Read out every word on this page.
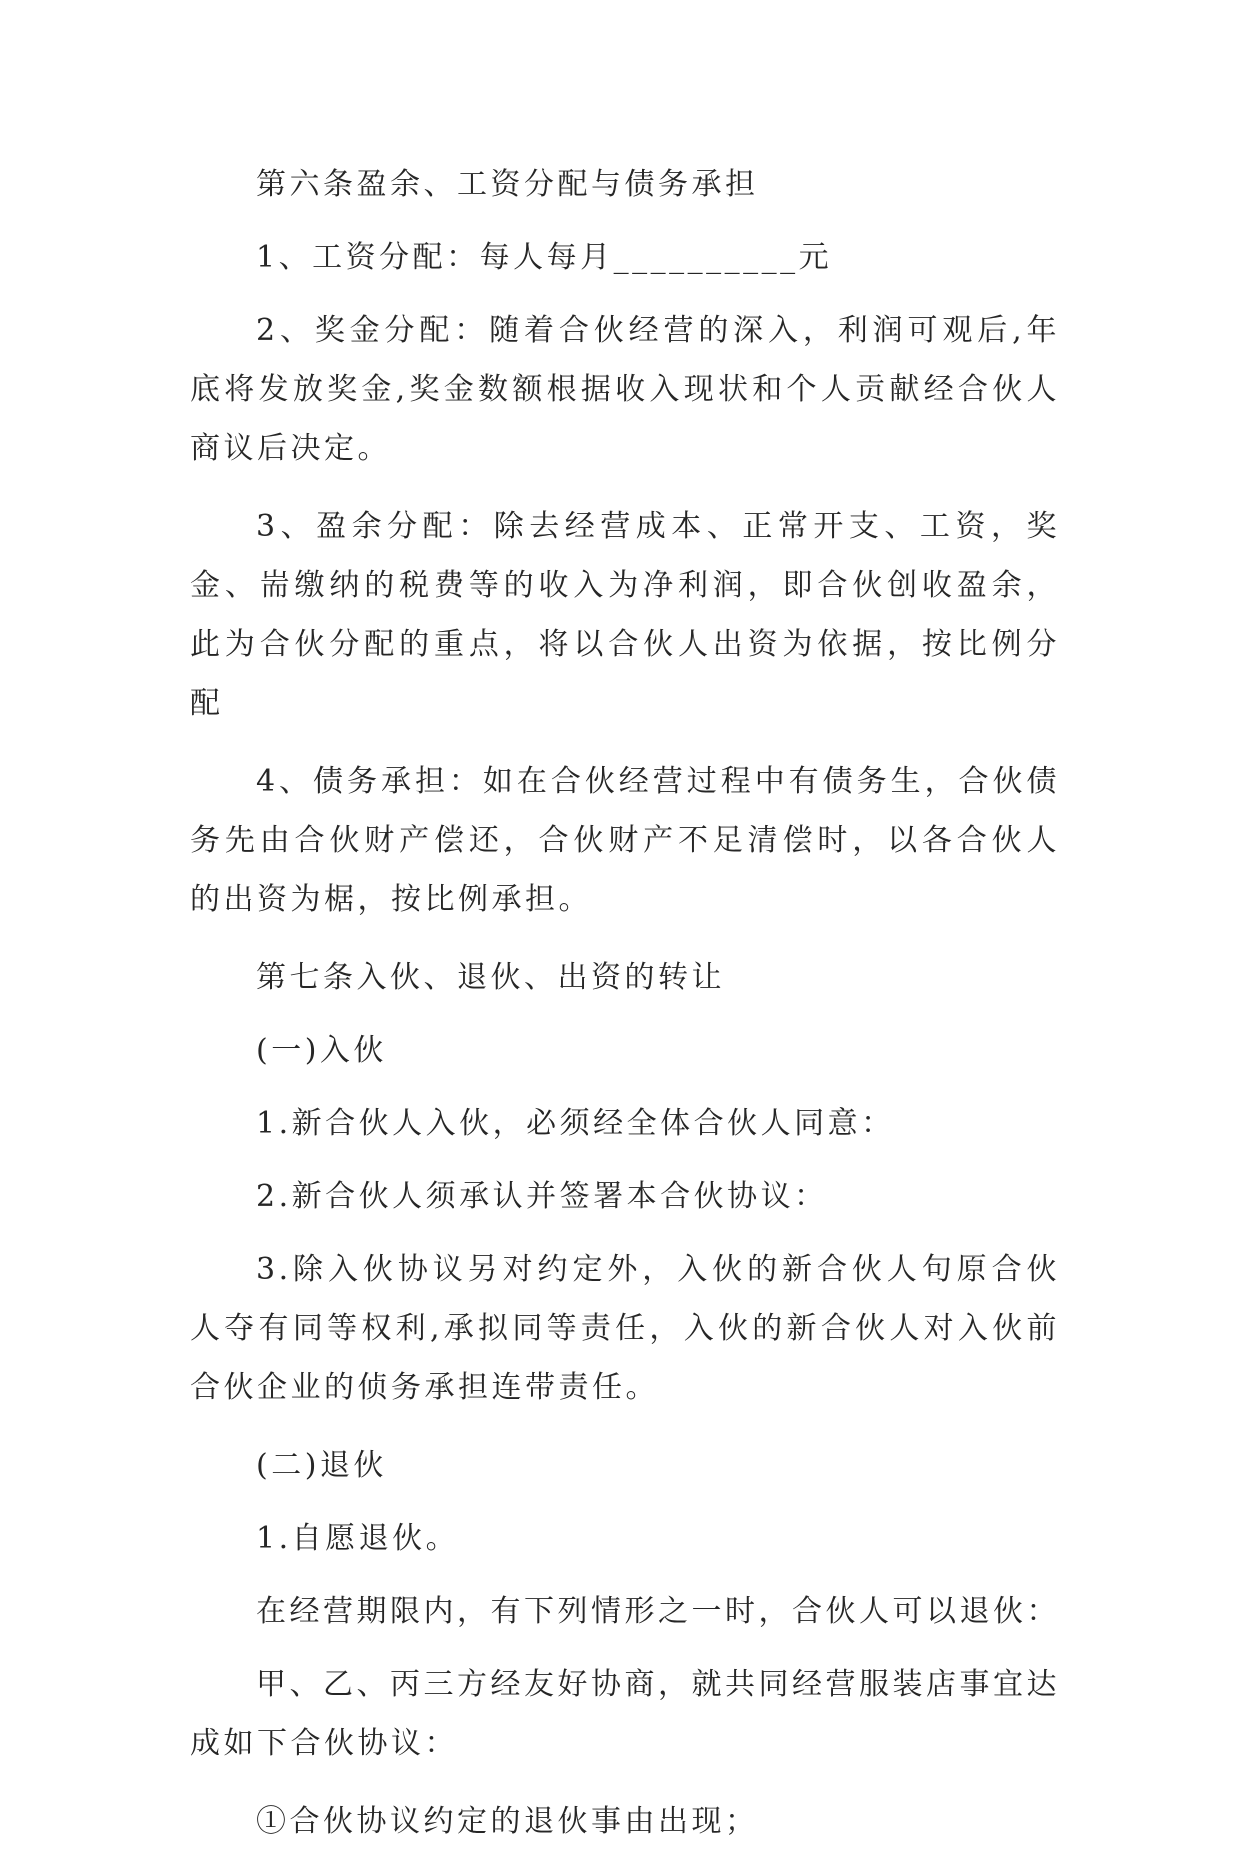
第六条盈余、工资分配与债务承担

1、工资分配：每人每月__________元

2、奖金分配：随着合伙经营的深入，利润可观后,年底将发放奖金,奖金数额根据收入现状和个人贡献经合伙人商议后决定。

3、盈余分配：除去经营成本、正常开支、工资，奖金、耑缴纳的税费等的收入为净利润，即合伙创收盈余，此为合伙分配的重点，将以合伙人出资为依据，按比例分配

4、债务承担：如在合伙经营过程中有债务生，合伙债务先由合伙财产偿还，合伙财产不足清偿时，以各合伙人的出资为椐，按比例承担。

第七条入伙、退伙、出资的转让

(一)入伙

1.新合伙人入伙，必须经全体合伙人同意：

2.新合伙人须承认并签署本合伙协议：

3.除入伙协议另对约定外，入伙的新合伙人句原合伙人夺有同等权利,承拟同等责任，入伙的新合伙人对入伙前合伙企业的侦务承担连带责任。

(二)退伙

1.自愿退伙。

在经营期限内，有下列情形之一时，合伙人可以退伙：

甲、乙、丙三方经友好协商，就共同经营服装店事宜达成如下合伙协议：

①合伙协议约定的退伙事由出现；
